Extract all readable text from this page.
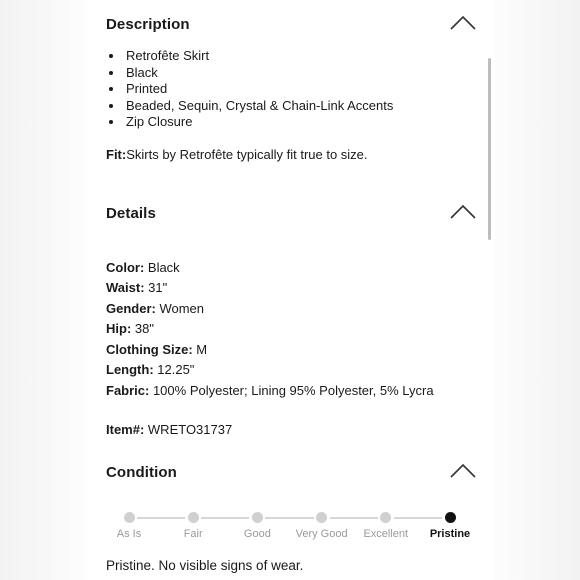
Description
• Retrofête Skirt
• Black
• Printed
• Beaded, Sequin, Crystal & Chain-Link Accents
• Zip Closure
Fit:Skirts by Retrofête typically fit true to size.
Details
Color: Black
Waist: 31"
Gender: Women
Hip: 38"
Clothing Size: M
Length: 12.25"
Fabric: 100% Polyester; Lining 95% Polyester, 5% Lycra
Item#: WRETO31737
Condition
As Is	Fair	Good	Very Good	Excellent	Pristine
Pristine. No visible signs of wear.
